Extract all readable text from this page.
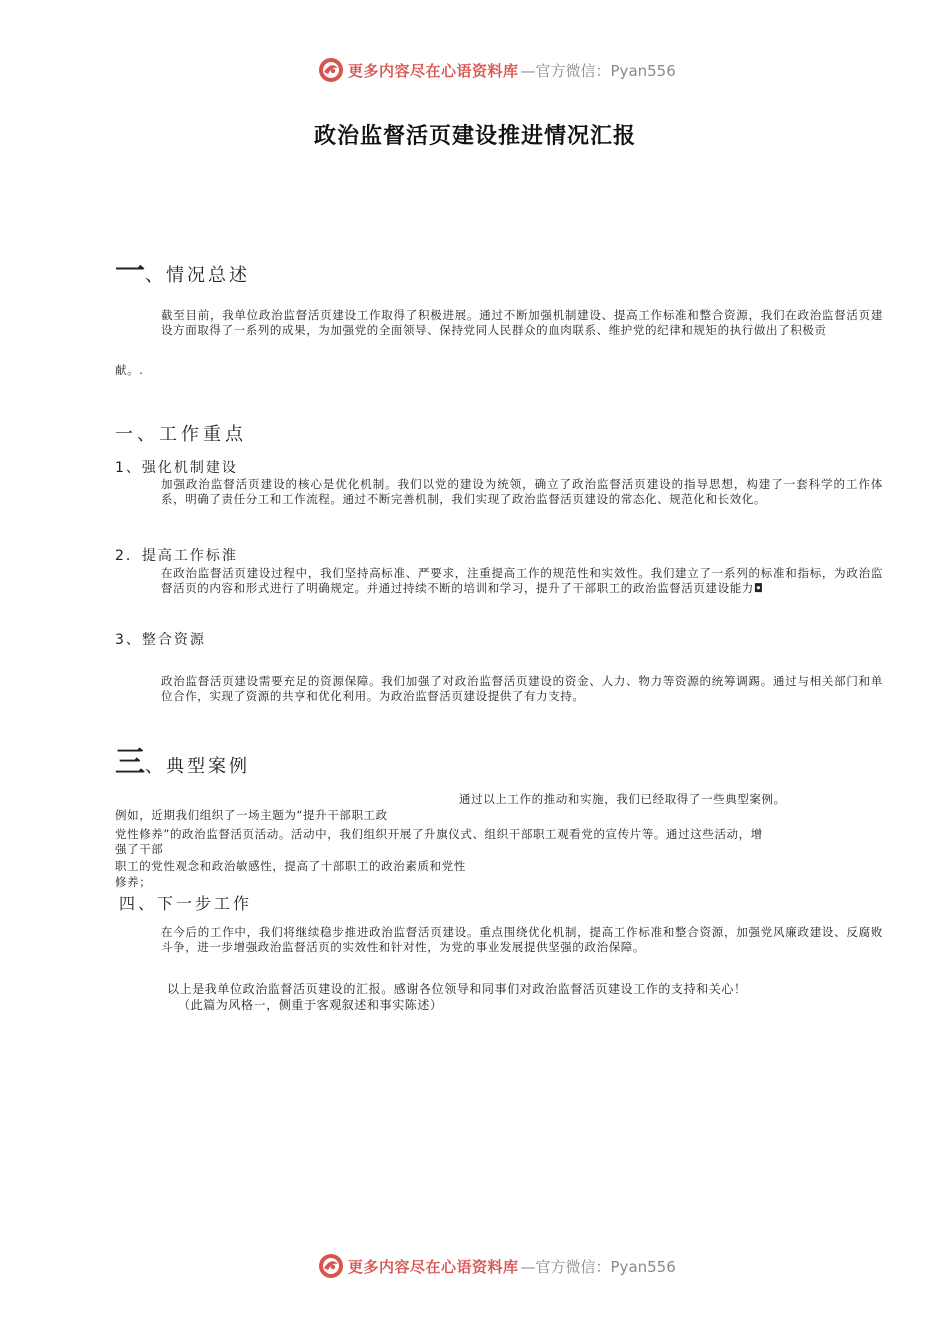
更多内容尽在心语资料库 —官方微信：Pyan556
政治监督活页建设推进情况汇报
一、情况总述
截至目前，我单位政治监督活页建设工作取得了积极进展。通过不断加强机制建设、提高工作标准和整合资源，我们在政治监督活页建设方面取得了一系列的成果，为加强党的全面领导、保持党同人民群众的血肉联系、维护党的纪律和规矩的执行做出了积极贡
献。.
一、工作重点
1、强化机制建设
加强政治监督活页建设的核心是优化机制。我们以党的建设为统领，确立了政治监督活页建设的指导思想，构建了一套科学的工作体系，明确了责任分工和工作流程。通过不断完善机制，我们实现了政治监督活页建设的常态化、规范化和长效化。
2．提高工作标淮
在政治监督活页建设过程中，我们坚持高标准、严要求，注重提高工作的规范性和实效性。我们建立了一系列的标准和指标，为政治监督活页的内容和形式进行了明确规定。并通过持续不断的培训和学习，提升了干部职工的政治监督活页建设能力◘
3、整合资源
政治监督活页建设需要充足的资源保障。我们加强了对政治监督活页建设的资金、人力、物力等资源的统筹调踢。通过与相关部门和单位合作，实现了资源的共亨和优化利用。为政治监督活页建设提供了有力支持。
三、典型案例
通过以上工作的推动和实施，我们已经取得了一些典型案例。
例如，近期我们组织了一场主题为“提升干部职工政
党性修养”的政治监督活页活动。活动中，我们组织开展了升旗仪式、组织干部职工观看党的宣传片等。通过这些活动，增
强了干部
职工的党性观念和政治敏感性，提高了十部职工的政治素质和党性
修养；
四、下一步工作
在今后的工作中，我们将继续稳步推进政治监督活页建设。重点围绕优化机制，提高工作标准和整合资源，加强党风廉政建设、反腐败斗争，进一步增强政治监督活页的实效性和针对性，为党的事业发展提供坚强的政治保障。
以上是我单位政治监督活页建设的汇报。感谢各位领导和同事们对政治监督活页建设工作的支持和关心！
（此篇为风格一，侧重于客观叙述和事实陈述）
更多内容尽在心语资料库 —官方微信：Pyan556
